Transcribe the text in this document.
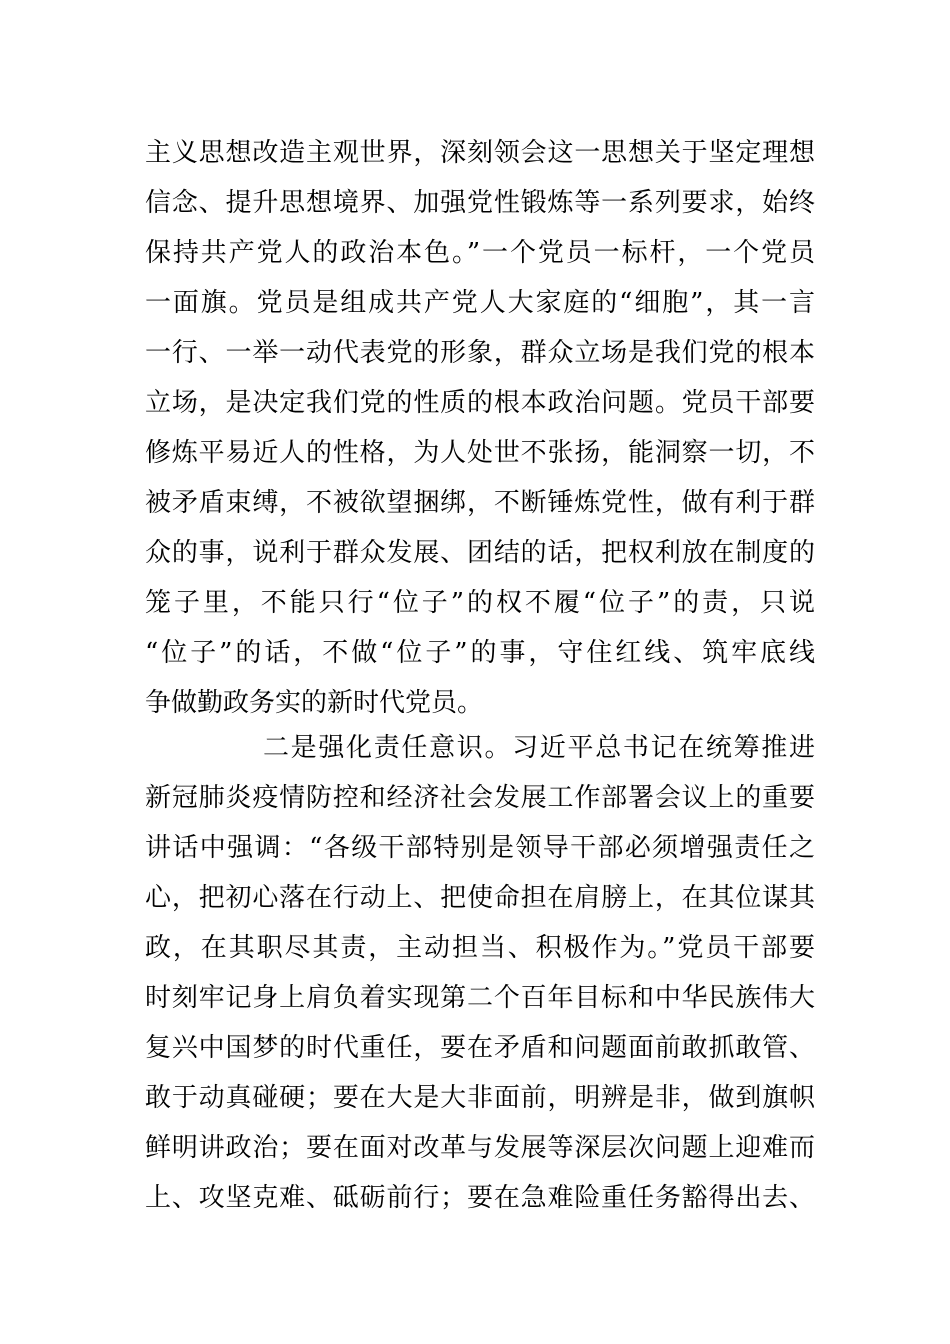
主义思想改造主观世界，深刻领会这一思想关于坚定理想
信念、提升思想境界、加强党性锻炼等一系列要求，始终
保持共产党人的政治本色。”一个党员一标杆，一个党员
一面旗。党员是组成共产党人大家庭的“细胞”，其一言
一行、一举一动代表党的形象，群众立场是我们党的根本
立场，是决定我们党的性质的根本政治问题。党员干部要
修炼平易近人的性格，为人处世不张扬，能洞察一切，不
被矛盾束缚，不被欲望捆绑，不断锤炼党性，做有利于群
众的事，说利于群众发展、团结的话，把权利放在制度的
笼子里，不能只行“位子”的权不履“位子”的责，只说
“位子”的话，不做“位子”的事，守住红线、筑牢底线
争做勤政务实的新时代党员。
二是强化责任意识。习近平总书记在统筹推进
新冠肺炎疫情防控和经济社会发展工作部署会议上的重要
讲话中强调：“各级干部特别是领导干部必须增强责任之
心，把初心落在行动上、把使命担在肩膀上，在其位谋其
政，在其职尽其责，主动担当、积极作为。”党员干部要
时刻牢记身上肩负着实现第二个百年目标和中华民族伟大
复兴中国梦的时代重任，要在矛盾和问题面前敢抓敢管、
敢于动真碰硬；要在大是大非面前，明辨是非，做到旗帜
鲜明讲政治；要在面对改革与发展等深层次问题上迎难而
上、攻坚克难、砥砺前行；要在急难险重任务豁得出去、
